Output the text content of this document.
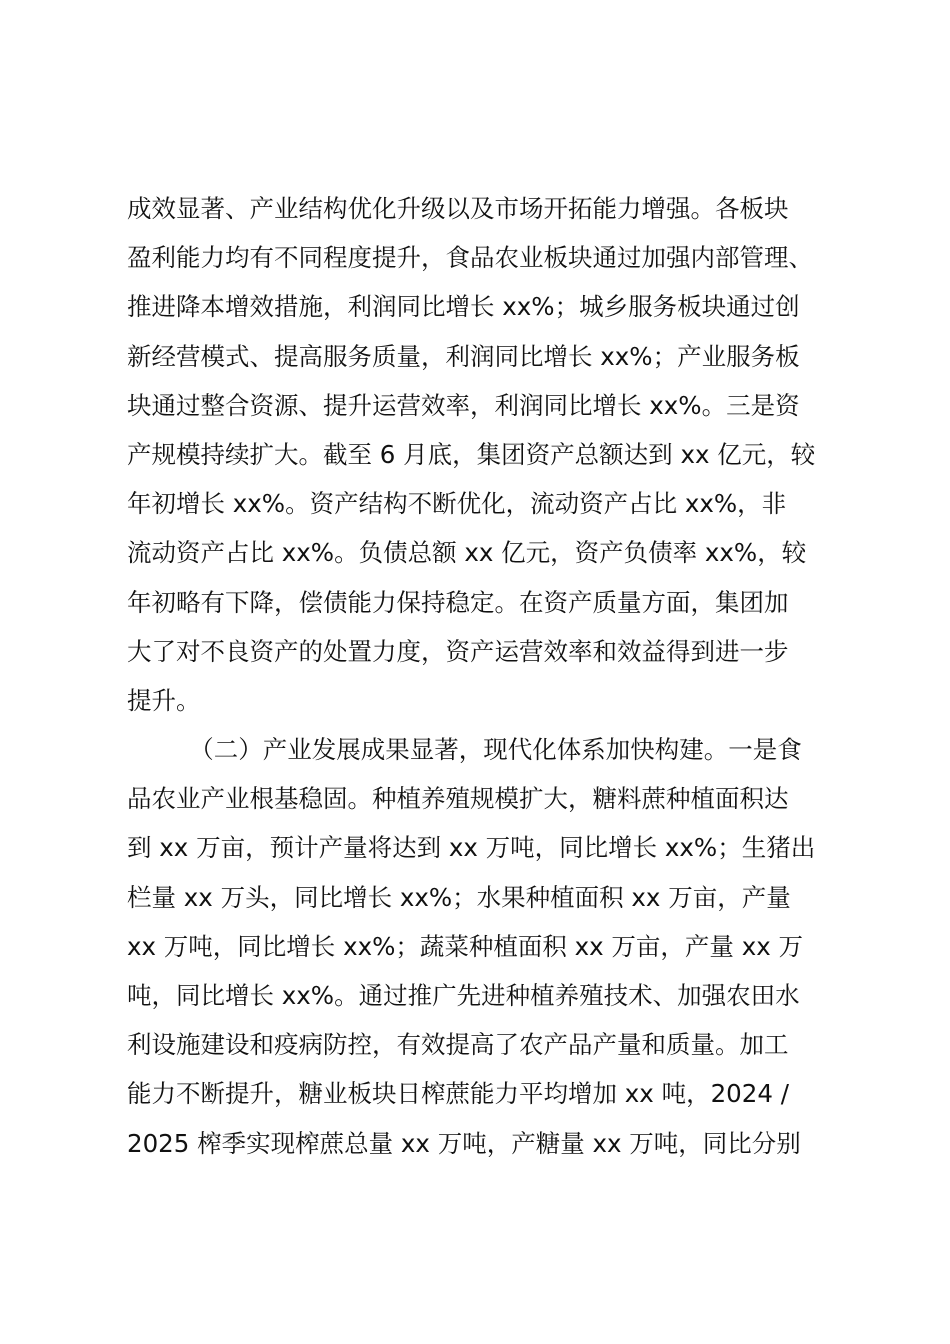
成效显著、产业结构优化升级以及市场开拓能力增强。各板块
盈利能力均有不同程度提升，食品农业板块通过加强内部管理、
推进降本增效措施，利润同比增长 xx%；城乡服务板块通过创
新经营模式、提高服务质量，利润同比增长 xx%；产业服务板
块通过整合资源、提升运营效率，利润同比增长 xx%。三是资
产规模持续扩大。截至 6 月底，集团资产总额达到 xx 亿元，较
年初增长 xx%。资产结构不断优化，流动资产占比 xx%，非
流动资产占比 xx%。负债总额 xx 亿元，资产负债率 xx%，较
年初略有下降，偿债能力保持稳定。在资产质量方面，集团加
大了对不良资产的处置力度，资产运营效率和效益得到进一步
提升。
（二）产业发展成果显著，现代化体系加快构建。一是食
品农业产业根基稳固。种植养殖规模扩大，糖料蔗种植面积达
到 xx 万亩，预计产量将达到 xx 万吨，同比增长 xx%；生猪出
栏量 xx 万头，同比增长 xx%；水果种植面积 xx 万亩，产量
xx 万吨，同比增长 xx%；蔬菜种植面积 xx 万亩，产量 xx 万
吨，同比增长 xx%。通过推广先进种植养殖技术、加强农田水
利设施建设和疫病防控，有效提高了农产品产量和质量。加工
能力不断提升，糖业板块日榨蔗能力平均增加 xx 吨，2024 /
2025 榨季实现榨蔗总量 xx 万吨，产糖量 xx 万吨，同比分别
